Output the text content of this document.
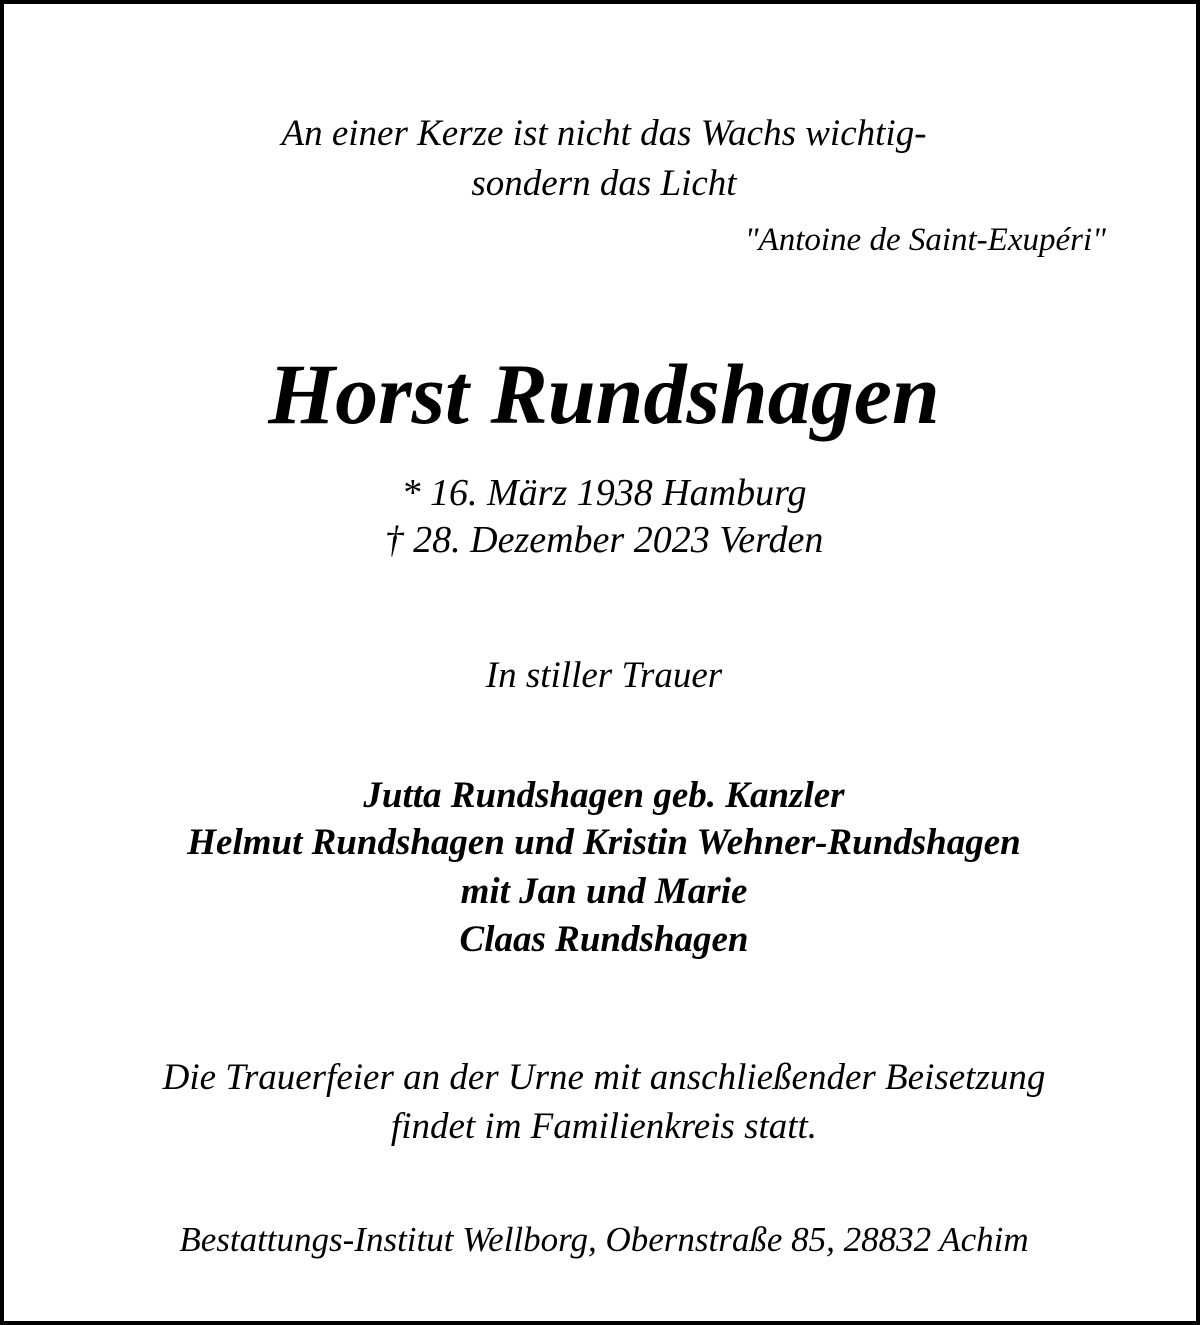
An einer Kerze ist nicht das Wachs wichtig-
sondern das Licht
"Antoine de Saint-Exupéri"
Horst Rundshagen
* 16. März 1938 Hamburg
† 28. Dezember 2023 Verden
In stiller Trauer
Jutta Rundshagen geb. Kanzler
Helmut Rundshagen und Kristin Wehner-Rundshagen
mit Jan und Marie
Claas Rundshagen
Die Trauerfeier an der Urne mit anschließender Beisetzung
findet im Familienkreis statt.
Bestattungs-Institut Wellborg, Obernstraße 85, 28832 Achim
